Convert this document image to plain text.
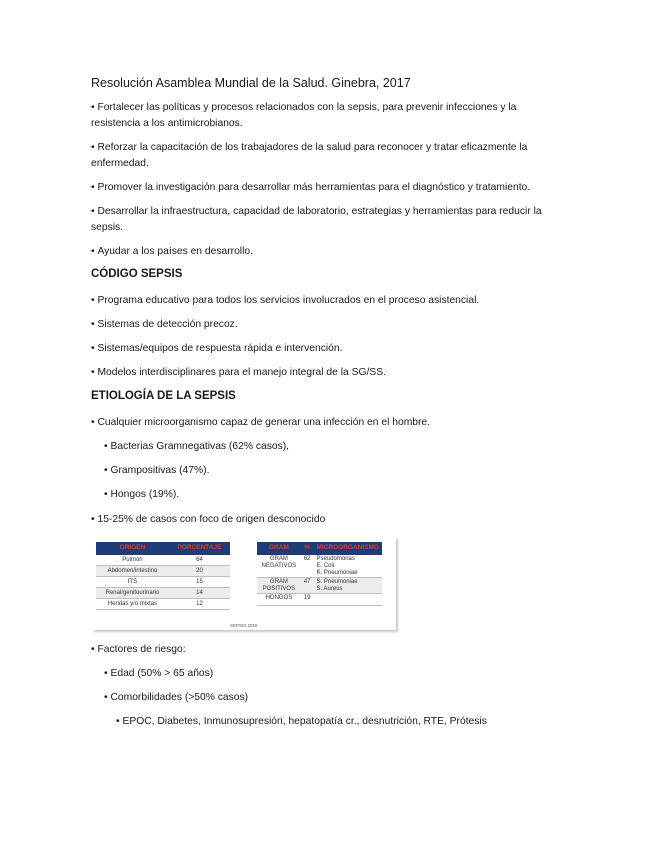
Resolución Asamblea Mundial de la Salud. Ginebra, 2017
• Fortalecer las políticas y procesos relacionados con la sepsis, para prevenir infecciones y la resistencia a los antimicrobianos.
• Reforzar la capacitación de los trabajadores de la salud para reconocer y tratar eficazmente la enfermedad.
• Promover la investigación para desarrollar más herramientas para el diagnóstico y tratamiento.
• Desarrollar la infraestructura, capacidad de laboratorio, estrategias y herramientas para reducir la sepsis.
• Ayudar a los países en desarrollo.
CÓDIGO SEPSIS
• Programa educativo para todos los servicios involucrados en el proceso asistencial.
• Sistemas de detección precoz.
• Sistemas/equipos de respuesta rápida e intervención.
• Modelos interdisciplinares para el manejo integral de la SG/SS.
ETIOLOGÍA DE LA SEPSIS
• Cualquier microorganismo capaz de generar una infección en el hombre.
• Bacterias Gramnegativas (62% casos),
• Grampositivas (47%).
• Hongos (19%).
• 15-25% de casos con foco de origen desconocido
ORIGEN	PORCENTAJE
Pulmón	64
Abdomen/intestino	20
ITS	15
Renal/genitourinario	14
Heridas y/o mixtas	12
GRAM	%	MICROORGANISMO
GRAM NEGATIVOS	62	Pseudomonas
E. Coli
K. Pneumoniae
GRAM POSITIVOS	47	S. Pneumoniae
S. Aureus
HONGOS	19	
SEPSIS 2016
• Factores de riesgo:
• Edad (50% > 65 años)
• Comorbilidades (>50% casos)
• EPOC, Diabetes, Inmunosupresión, hepatopatía cr., desnutrición, RTE, Prótesis
